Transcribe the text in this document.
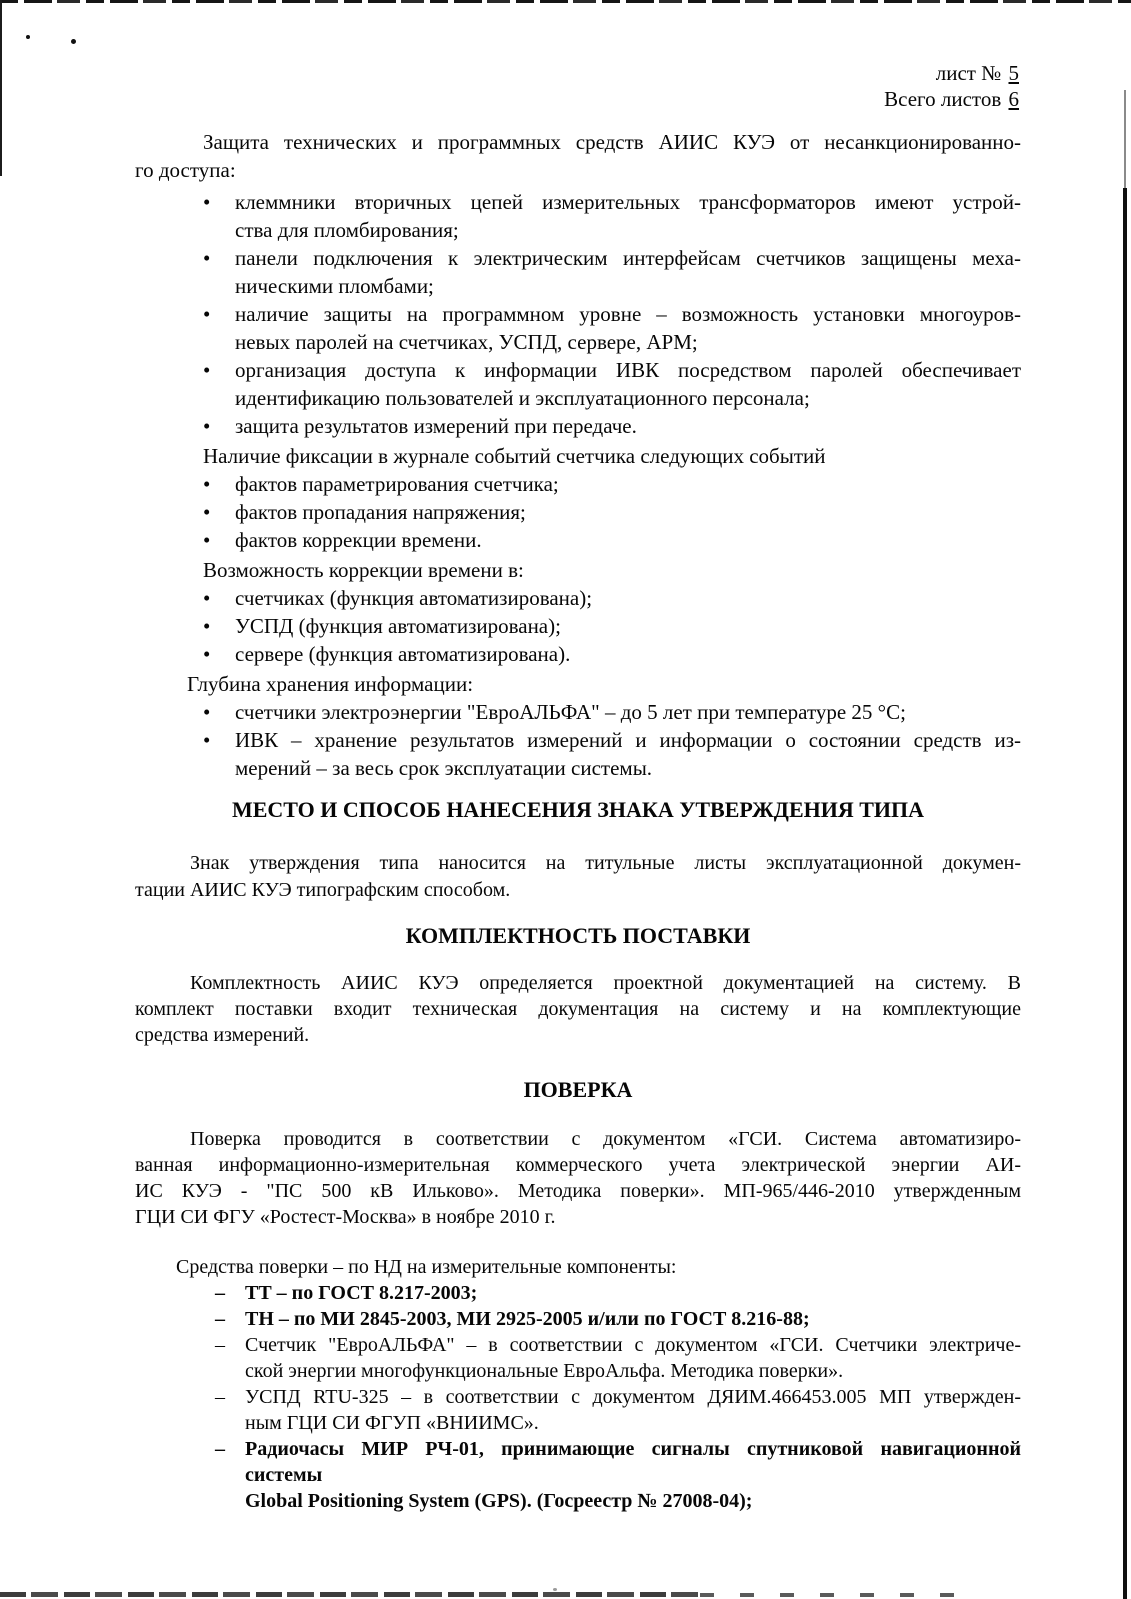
лист № 5
Всего листов 6
Защита технических и программных средств АИИС КУЭ от несанкционированно-
го доступа:
•	клеммники вторичных цепей измерительных трансформаторов имеют устрой-
ства для пломбирования;
•	панели подключения к электрическим интерфейсам счетчиков защищены меха-
ническими пломбами;
•	наличие защиты на программном уровне – возможность установки многоуров-
невых паролей на счетчиках, УСПД, сервере, АРМ;
•	организация доступа к информации ИВК посредством паролей обеспечивает
идентификацию пользователей и эксплуатационного персонала;
•	защита результатов измерений при передаче.
Наличие фиксации в журнале событий счетчика следующих событий
•	фактов параметрирования счетчика;
•	фактов пропадания напряжения;
•	фактов коррекции времени.
Возможность коррекции времени в:
•	счетчиках (функция автоматизирована);
•	УСПД (функция автоматизирована);
•	сервере (функция автоматизирована).
Глубина хранения информации:
•	счетчики электроэнергии "ЕвроАЛЬФА" – до 5 лет при температуре 25 °С;
•	ИВК – хранение результатов измерений и информации о состоянии средств из-
мерений – за весь срок эксплуатации системы.
МЕСТО И СПОСОБ НАНЕСЕНИЯ ЗНАКА УТВЕРЖДЕНИЯ ТИПА
Знак утверждения типа наносится на титульные листы эксплуатационной докумен-
тации АИИС КУЭ типографским способом.
КОМПЛЕКТНОСТЬ ПОСТАВКИ
Комплектность АИИС КУЭ определяется проектной документацией на систему. В
комплект поставки входит техническая документация на систему и на комплектующие
средства измерений.
ПОВЕРКА
Поверка проводится в соответствии с документом «ГСИ. Система автоматизиро-
ванная информационно-измерительная коммерческого учета электрической энергии АИ-
ИС КУЭ - "ПС 500 кВ Ильково». Методика поверки». МП-965/446-2010 утвержденным
ГЦИ СИ ФГУ «Ростест-Москва» в ноябре 2010 г.
Средства поверки – по НД на измерительные компоненты:
–	ТТ – по ГОСТ 8.217-2003;
–	ТН – по МИ 2845-2003, МИ 2925-2005 и/или по ГОСТ 8.216-88;
–	Счетчик "ЕвроАЛЬФА" – в соответствии с документом «ГСИ. Счетчики электриче-
ской энергии многофункциональные ЕвроАльфа. Методика поверки».
–	УСПД RTU-325 – в соответствии с документом ДЯИМ.466453.005 МП утвержден-
ным ГЦИ СИ ФГУП «ВНИИМС».
–	Радиочасы МИР РЧ-01, принимающие сигналы спутниковой навигационной системы
Global Positioning System (GPS). (Госреестр № 27008-04);
